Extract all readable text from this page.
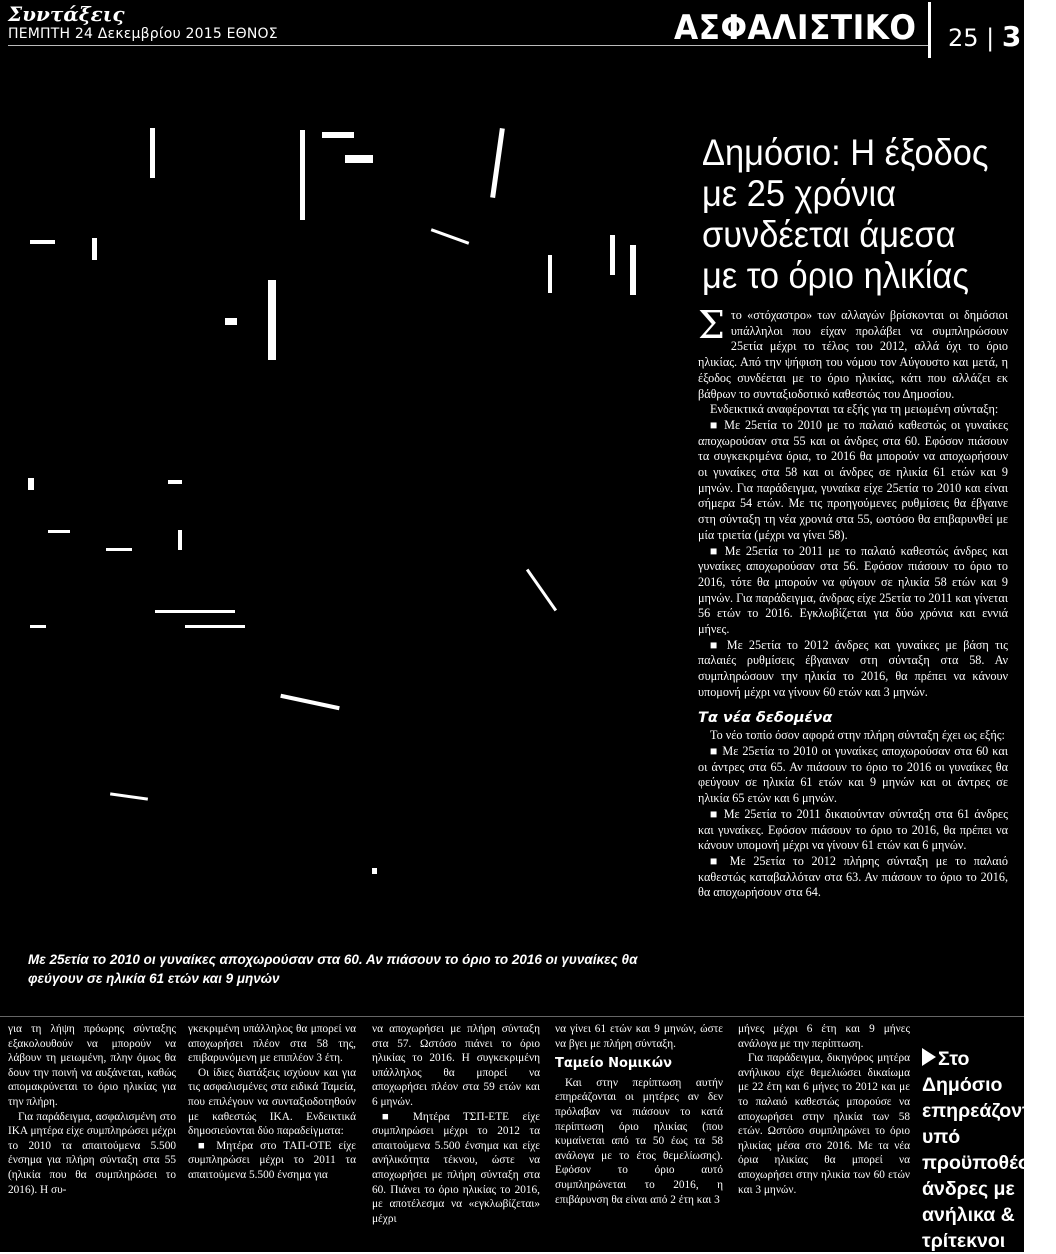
Συντάξεις
ΠΕΜΠΤΗ 24 Δεκεμβρίου 2015 ΕΘΝΟΣ	ΑΣΦΑΛΙΣΤΙΚΟ 25 | 3
Με 25ετία το 2010 οι γυναίκες αποχωρούσαν στα 60. Αν πιάσουν το όριο το 2016 οι γυναίκες θα φεύγουν σε ηλικία 61 ετών και 9 μηνών
Δημόσιο: Η έξοδος με 25 χρόνια συνδέεται άμεσα με το όριο ηλικίας

Στο «στόχαστρο» των αλλαγών βρίσκονται οι δημόσιοι υπάλληλοι που είχαν προλάβει να συμπληρώσουν 25ετία μέχρι το τέλος του 2012, αλλά όχι το όριο ηλικίας. Από την ψήφιση του νόμου τον Αύγουστο και μετά, η έξοδος συνδέεται με το όριο ηλικίας, κάτι που αλλάζει εκ βάθρων το συνταξιοδοτικό καθεστώς του Δημοσίου.

Ενδεικτικά αναφέρονται τα εξής για τη μειωμένη σύνταξη:

■ Με 25ετία το 2010 με το παλαιό καθεστώς οι γυναίκες αποχωρούσαν στα 55 και οι άνδρες στα 60. Εφόσον πιάσουν τα συγκεκριμένα όρια, το 2016 θα μπορούν να αποχωρήσουν οι γυναίκες στα 58 και οι άνδρες σε ηλικία 61 ετών και 9 μηνών. Για παράδειγμα, γυναίκα είχε 25ετία το 2010 και είναι σήμερα 54 ετών. Με τις προηγούμενες ρυθμίσεις θα έβγαινε στη σύνταξη τη νέα χρονιά στα 55, ωστόσο θα επιβαρυνθεί με μία τριετία (μέχρι να γίνει 58).

■ Με 25ετία το 2011 με το παλαιό καθεστώς άνδρες και γυναίκες αποχωρούσαν στα 56. Εφόσον πιάσουν το όριο το 2016, τότε θα μπορούν να φύγουν σε ηλικία 58 ετών και 9 μηνών. Για παράδειγμα, άνδρας είχε 25ετία το 2011 και γίνεται 56 ετών το 2016. Εγκλωβίζεται για δύο χρόνια και εννιά μήνες.

■ Με 25ετία το 2012 άνδρες και γυναίκες με βάση τις παλαιές ρυθμίσεις έβγαιναν στη σύνταξη στα 58. Αν συμπληρώσουν την ηλικία το 2016, θα πρέπει να κάνουν υπομονή μέχρι να γίνουν 60 ετών και 3 μηνών.

Τα νέα δεδομένα

Το νέο τοπίο όσον αφορά στην πλήρη σύνταξη έχει ως εξής:

■ Με 25ετία το 2010 οι γυναίκες αποχωρούσαν στα 60 και οι άντρες στα 65. Αν πιάσουν το όριο το 2016 οι γυναίκες θα φεύγουν σε ηλικία 61 ετών και 9 μηνών και οι άντρες σε ηλικία 65 ετών και 6 μηνών.

■ Με 25ετία το 2011 δικαιούνταν σύνταξη στα 61 άνδρες και γυναίκες. Εφόσον πιάσουν το όριο το 2016, θα πρέπει να κάνουν υπομονή μέχρι να γίνουν 61 ετών και 6 μηνών.

■ Με 25ετία το 2012 πλήρης σύνταξη με το παλαιό καθεστώς καταβαλλόταν στα 63. Αν πιάσουν το όριο το 2016, θα αποχωρήσουν στα 64.

για τη λήψη πρόωρης σύνταξης εξακολουθούν να μπορούν να λάβουν τη μειωμένη, πλην όμως θα δουν την ποινή να αυξάνεται, καθώς απομακρύνεται το όριο ηλικίας για την πλήρη.

Για παράδειγμα, ασφαλισμένη στο ΙΚΑ μητέρα είχε συμπληρώσει μέχρι το 2010 τα απαιτούμενα 5.500 ένσημα για πλήρη σύνταξη στα 55 (ηλικία που θα συμπληρώσει το 2016). Η συ-

γκεκριμένη υπάλληλος θα μπορεί να αποχωρήσει πλέον στα 58 της, επιβαρυνόμενη με επιπλέον 3 έτη.

Οι ίδιες διατάξεις ισχύουν και για τις ασφαλισμένες στα ειδικά Ταμεία, που επιλέγουν να συνταξιοδοτηθούν με καθεστώς ΙΚΑ. Ενδεικτικά δημοσιεύονται δύο παραδείγματα:

■ Μητέρα στο ΤΑΠ-ΟΤΕ είχε συμπληρώσει μέχρι το 2011 τα απαιτούμενα 5.500 ένσημα για

να αποχωρήσει με πλήρη σύνταξη στα 57. Ωστόσο πιάνει το όριο ηλικίας το 2016. Η συγκεκριμένη υπάλληλος θα μπορεί να αποχωρήσει πλέον στα 59 ετών και 6 μηνών.

■ Μητέρα ΤΣΠ-ΕΤΕ είχε συμπληρώσει μέχρι το 2012 τα απαιτούμενα 5.500 ένσημα και είχε ανήλικότητα τέκνου, ώστε να αποχωρήσει με πλήρη σύνταξη στα 60. Πιάνει το όριο ηλικίας το 2016, με αποτέλεσμα να «εγκλωβίζεται» μέχρι

να γίνει 61 ετών και 9 μηνών, ώστε να βγει με πλήρη σύνταξη.

Ταμείο Νομικών

Και στην περίπτωση αυτήν επηρεάζονται οι μητέρες αν δεν πρόλαβαν να πιάσουν το κατά περίπτωση όριο ηλικίας (που κυμαίνεται από τα 50 έως τα 58 ανάλογα με το έτος θεμελίωσης). Εφόσον το όριο αυτό συμπληρώνεται το 2016, η επιβάρυνση θα είναι από 2 έτη και 3

μήνες μέχρι 6 έτη και 9 μήνες ανάλογα με την περίπτωση.

Για παράδειγμα, δικηγόρος μητέρα ανήλικου είχε θεμελιώσει δικαίωμα με 22 έτη και 6 μήνες το 2012 και με το παλαιό καθεστώς μπορούσε να αποχωρήσει στην ηλικία των 58 ετών. Ωστόσο συμπληρώνει το όριο ηλικίας μέσα στο 2016. Με τα νέα όρια ηλικίας θα μπορεί να αποχωρήσει στην ηλικία των 60 ετών και 3 μηνών.

Στο Δημόσιο επηρεάζονται υπό προϋποθέσεις άνδρες με ανήλικα & τρίτεκνοι
